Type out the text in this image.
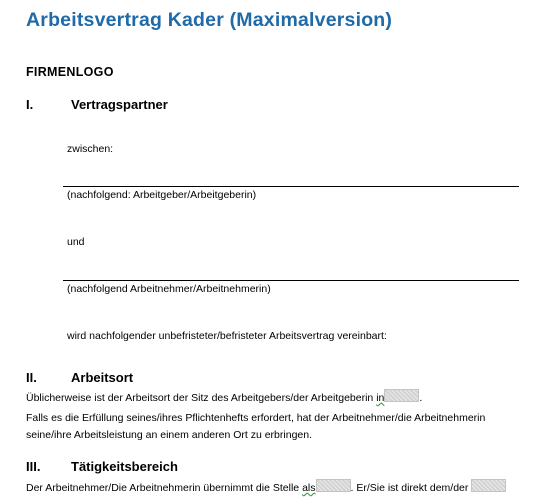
Arbeitsvertrag Kader (Maximalversion)
FIRMENLOGO
I.	Vertragspartner
zwischen:
(nachfolgend: Arbeitgeber/Arbeitgeberin)
und
(nachfolgend Arbeitnehmer/Arbeitnehmerin)
wird nachfolgender unbefristeter/befristeter Arbeitsvertrag vereinbart:
II.	Arbeitsort
Üblicherweise ist der Arbeitsort der Sitz des Arbeitgebers/der Arbeitgeberin in	.
Falls es die Erfüllung seines/ihres Pflichtenhefts erfordert, hat der Arbeitnehmer/die Arbeitnehmerin
seine/ihre Arbeitsleistung an einem anderen Ort zu erbringen.
III. Tätigkeitsbereich
Der Arbeitnehmer/Die Arbeitnehmerin übernimmt die Stelle als	. Er/Sie ist direkt dem/der
